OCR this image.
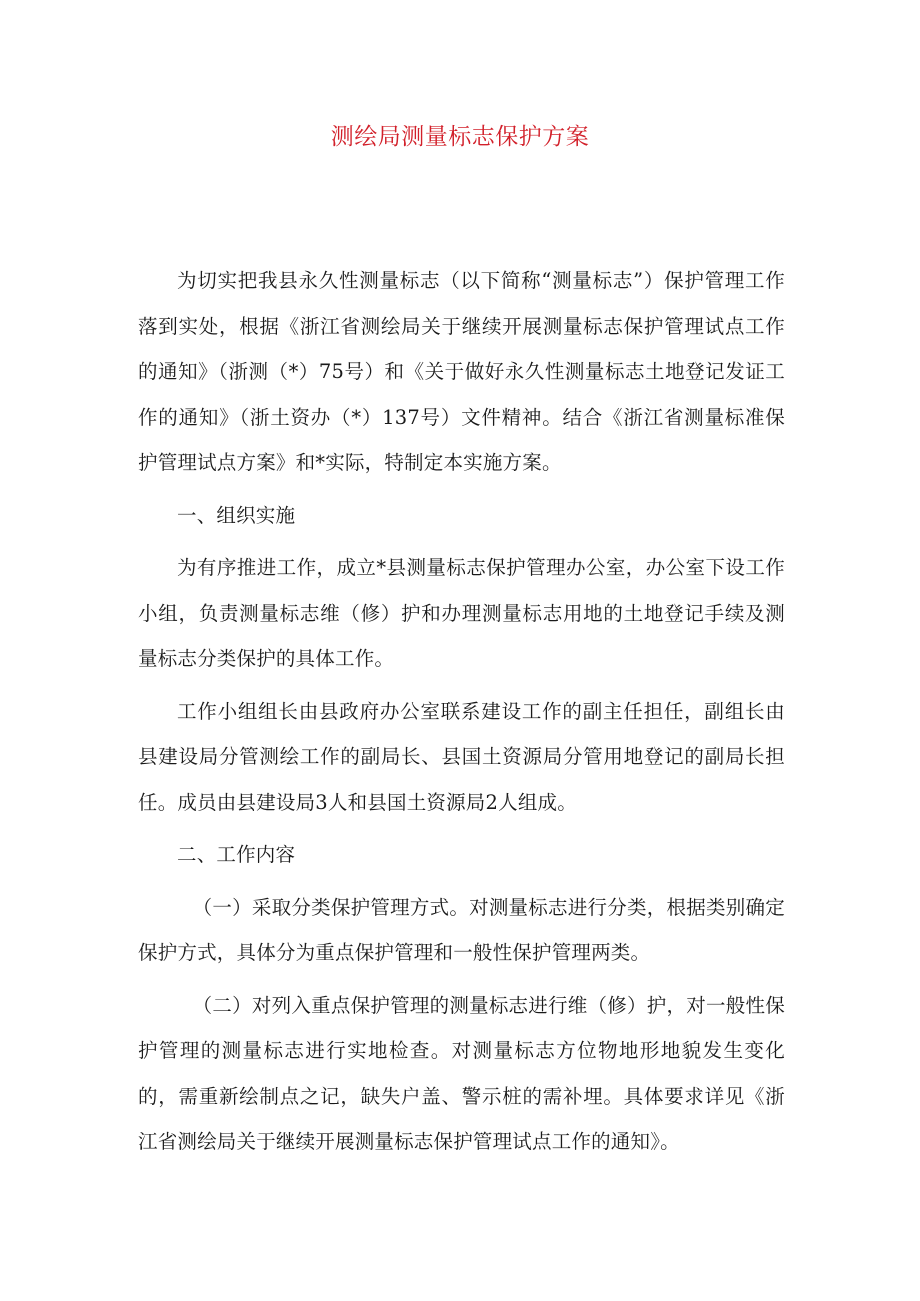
测绘局测量标志保护方案

为切实把我县永久性测量标志（以下简称“测量标志”）保护管理工作落到实处，根据《浙江省测绘局关于继续开展测量标志保护管理试点工作的通知》（浙测（*）75号）和《关于做好永久性测量标志土地登记发证工作的通知》（浙土资办（*）137号）文件精神。结合《浙江省测量标准保护管理试点方案》和*实际，特制定本实施方案。

一、组织实施

为有序推进工作，成立*县测量标志保护管理办公室，办公室下设工作小组，负责测量标志维（修）护和办理测量标志用地的土地登记手续及测量标志分类保护的具体工作。

工作小组组长由县政府办公室联系建设工作的副主任担任，副组长由县建设局分管测绘工作的副局长、县国土资源局分管用地登记的副局长担任。成员由县建设局3人和县国土资源局2人组成。

二、工作内容

（一）采取分类保护管理方式。对测量标志进行分类，根据类别确定保护方式，具体分为重点保护管理和一般性保护管理两类。

（二）对列入重点保护管理的测量标志进行维（修）护，对一般性保护管理的测量标志进行实地检查。对测量标志方位物地形地貌发生变化的，需重新绘制点之记，缺失户盖、警示桩的需补埋。具体要求详见《浙江省测绘局关于继续开展测量标志保护管理试点工作的通知》。
